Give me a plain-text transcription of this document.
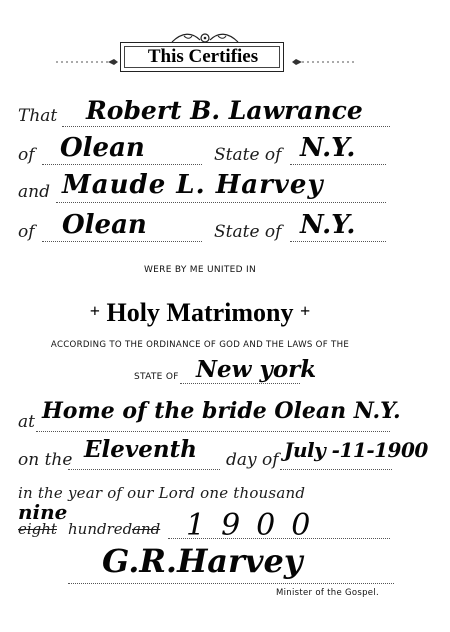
This Certifies
That Robert B. Lawrance
of Olean	State of N.Y.
and Maude L. Harvey
of Olean	State of N.Y.
WERE BY ME UNITED IN
+ Holy Matrimony +
ACCORDING TO THE ORDINANCE OF GOD AND THE LAWS OF THE
STATE OF New york
at Home of the bride Olean N.Y.
on the Eleventh day of July -11-1900
in the year of our Lord one thousand
eight
nine
hundred and 1900
G.R.Harvey
Minister of the Gospel.
